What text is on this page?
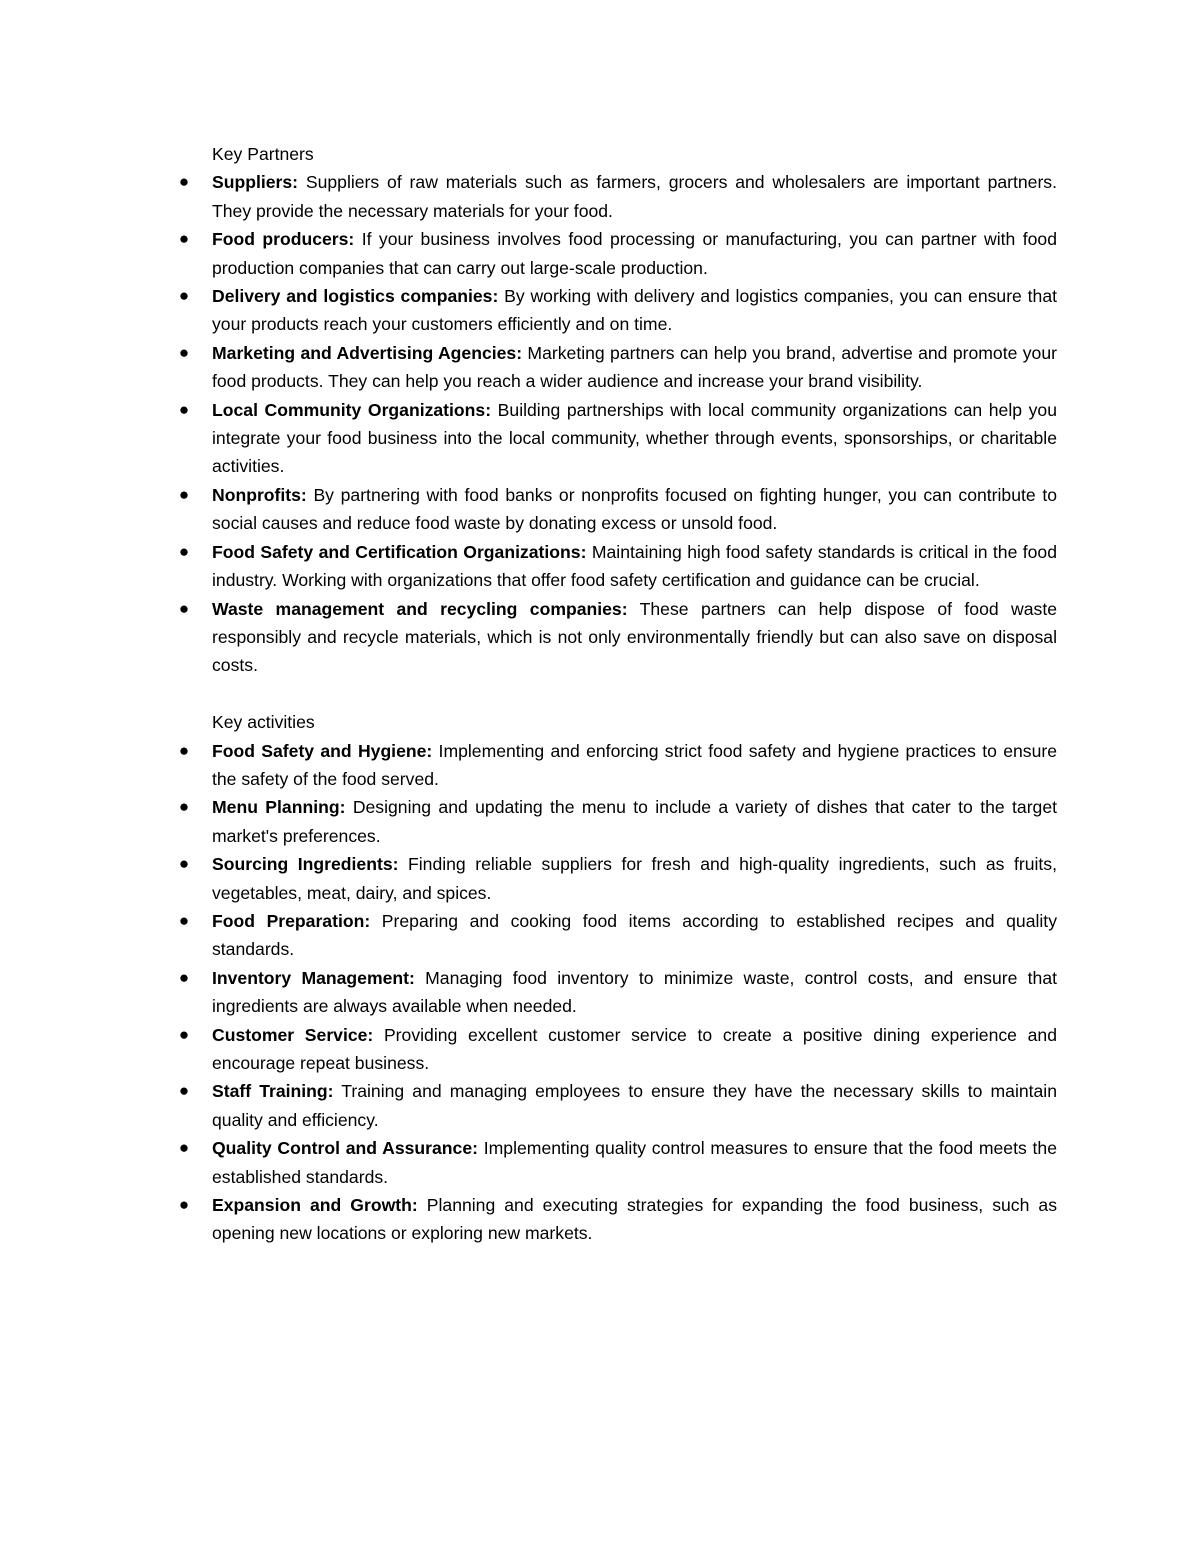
Key Partners
● Suppliers: Suppliers of raw materials such as farmers, grocers and wholesalers are important partners. They provide the necessary materials for your food.
● Food producers: If your business involves food processing or manufacturing, you can partner with food production companies that can carry out large-scale production.
● Delivery and logistics companies: By working with delivery and logistics companies, you can ensure that your products reach your customers efficiently and on time.
● Marketing and Advertising Agencies: Marketing partners can help you brand, advertise and promote your food products. They can help you reach a wider audience and increase your brand visibility.
● Local Community Organizations: Building partnerships with local community organizations can help you integrate your food business into the local community, whether through events, sponsorships, or charitable activities.
● Nonprofits: By partnering with food banks or nonprofits focused on fighting hunger, you can contribute to social causes and reduce food waste by donating excess or unsold food.
● Food Safety and Certification Organizations: Maintaining high food safety standards is critical in the food industry. Working with organizations that offer food safety certification and guidance can be crucial.
● Waste management and recycling companies: These partners can help dispose of food waste responsibly and recycle materials, which is not only environmentally friendly but can also save on disposal costs.
Key activities
● Food Safety and Hygiene: Implementing and enforcing strict food safety and hygiene practices to ensure the safety of the food served.
● Menu Planning: Designing and updating the menu to include a variety of dishes that cater to the target market's preferences.
● Sourcing Ingredients: Finding reliable suppliers for fresh and high-quality ingredients, such as fruits, vegetables, meat, dairy, and spices.
● Food Preparation: Preparing and cooking food items according to established recipes and quality standards.
● Inventory Management: Managing food inventory to minimize waste, control costs, and ensure that ingredients are always available when needed.
● Customer Service: Providing excellent customer service to create a positive dining experience and encourage repeat business.
● Staff Training: Training and managing employees to ensure they have the necessary skills to maintain quality and efficiency.
● Quality Control and Assurance: Implementing quality control measures to ensure that the food meets the established standards.
● Expansion and Growth: Planning and executing strategies for expanding the food business, such as opening new locations or exploring new markets.
